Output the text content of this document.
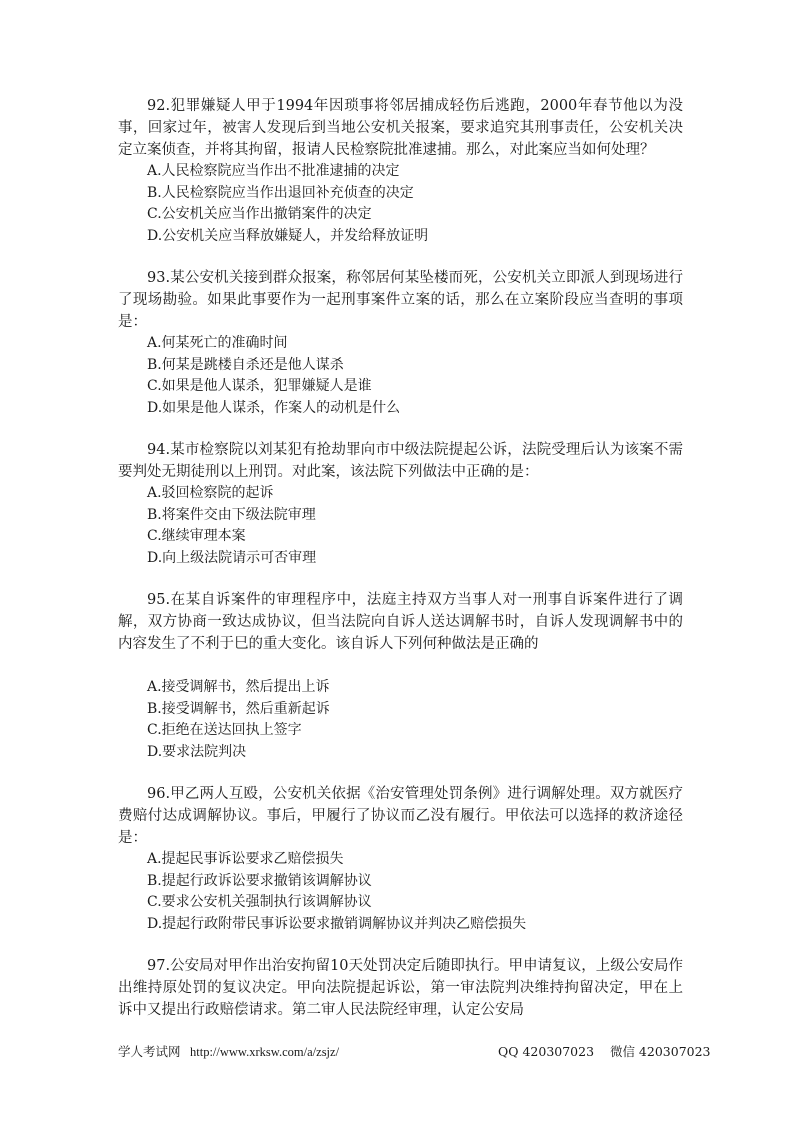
92.犯罪嫌疑人甲于1994年因琐事将邻居捕成轻伤后逃跑，2000年春节他以为没事，回家过年，被害人发现后到当地公安机关报案，要求追究其刑事责任，公安机关决定立案侦查，并将其拘留，报请人民检察院批准逮捕。那么，对此案应当如何处理？

A.人民检察院应当作出不批准逮捕的决定
B.人民检察院应当作出退回补充侦查的决定
C.公安机关应当作出撤销案件的决定
D.公安机关应当释放嫌疑人，并发给释放证明

93.某公安机关接到群众报案，称邻居何某坠楼而死，公安机关立即派人到现场进行了现场勘验。如果此事要作为一起刑事案件立案的话，那么在立案阶段应当查明的事项是：

A.何某死亡的准确时间
B.何某是跳楼自杀还是他人谋杀
C.如果是他人谋杀，犯罪嫌疑人是谁
D.如果是他人谋杀，作案人的动机是什么

94.某市检察院以刘某犯有抢劫罪向市中级法院提起公诉，法院受理后认为该案不需要判处无期徒刑以上刑罚。对此案，该法院下列做法中正确的是：

A.驳回检察院的起诉
B.将案件交由下级法院审理
C.继续审理本案
D.向上级法院请示可否审理

95.在某自诉案件的审理程序中，法庭主持双方当事人对一刑事自诉案件进行了调解，双方协商一致达成协议，但当法院向自诉人送达调解书时，自诉人发现调解书中的内容发生了不利于巳的重大变化。该自诉人下列何种做法是正确的

A.接受调解书，然后提出上诉
B.接受调解书，然后重新起诉
C.拒绝在送达回执上签字
D.要求法院判决

96.甲乙两人互殴，公安机关依据《治安管理处罚条例》进行调解处理。双方就医疗费赔付达成调解协议。事后，甲履行了协议而乙没有履行。甲依法可以选择的救济途径是：

A.提起民事诉讼要求乙赔偿损失
B.提起行政诉讼要求撤销该调解协议
C.要求公安机关强制执行该调解协议
D.提起行政附带民事诉讼要求撤销调解协议并判决乙赔偿损失

97.公安局对甲作出治安拘留10天处罚决定后随即执行。甲申请复议，上级公安局作出维持原处罚的复议决定。甲向法院提起诉讼，第一审法院判决维持拘留决定，甲在上诉中又提出行政赔偿请求。第二审人民法院经审理，认定公安局

学人考试网 http://www.xrksw.com/a/zsjz/	QQ 420307023 微信 420307023
